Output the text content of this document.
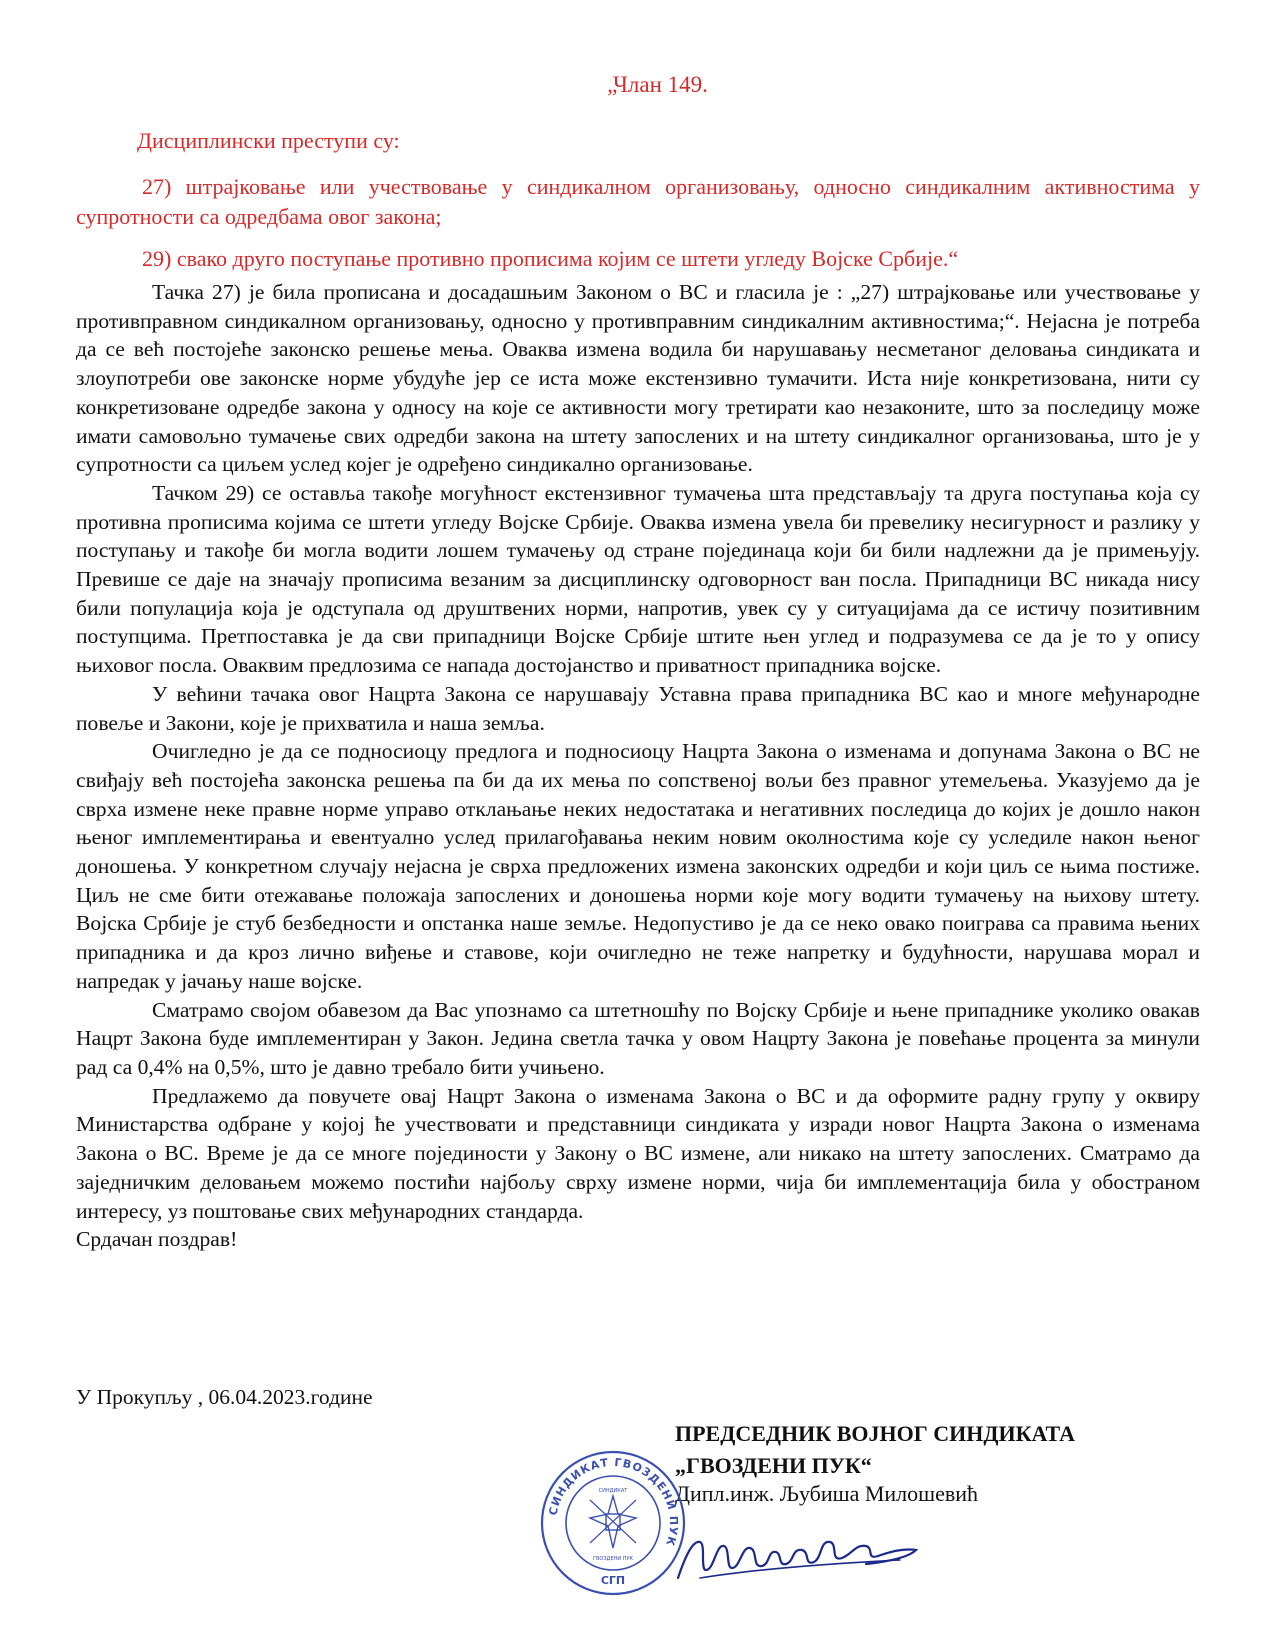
„Члан 149.
Дисциплински преступи су:
27) штрајковање или учествовање у синдикалном организовању, односно синдикалним активностима у супротности са одредбама овог закона;
29) свако друго поступање противно прописима којим се штети угледу Војске Србије.“

Тачка 27) је била прописана и досадашњим Законом о ВС и гласила је : „27) штрајковање или учествовање у противправном синдикалном организовању, односно у противправним синдикалним активностима;“. Нејасна је потреба да се већ постојеће законско решење мења. Оваква измена водила би нарушавању несметаног деловања синдиката и злоупотреби ове законске норме убудуће јер се иста може екстензивно тумачити. Иста није конкретизована, нити су конкретизоване одредбе закона у односу на које се активности могу третирати као незаконите, што за последицу може имати самовољно тумачење свих одредби закона на штету запослених и на штету синдикалног организовања, што је у супротности са циљем услед којег је одређено синдикално организовање.

Тачком 29) се оставља такође могућност екстензивног тумачења шта представљају та друга поступања која су противна прописима којима се штети угледу Војске Србије. Оваква измена увела би превелику несигурност и разлику у поступању и такође би могла водити лошем тумачењу од стране појединаца који би били надлежни да је примењују. Превише се даје на значају прописима везаним за дисциплинску одговорност ван посла. Припадници ВС никада нису били популација која је одступала од друштвених норми, напротив, увек су у ситуацијама да се истичу позитивним поступцима. Претпоставка је да сви припадници Војске Србије штите њен углед и подразумева се да је то у опису њиховог посла. Оваквим предлозима се напада достојанство и приватност припадника војске.

У већини тачака овог Нацрта Закона се нарушавају Уставна права припадника ВС као и многе међународне повеље и Закони, које је прихватила и наша земља.

Очигледно је да се подносиоцу предлога и подносиоцу Нацрта Закона о изменама и допунама Закона о ВС не свиђају већ постојећа законска решења па би да их мења по сопственој вољи без правног утемељења. Указујемо да је сврха измене неке правне норме управо отклањање неких недостатака и негативних последица до којих је дошло након њеног имплементирања и евентуално услед прилагођавања неким новим околностима које су уследиле након њеног доношења. У конкретном случају нејасна је сврха предложених измена законских одредби и који циљ се њима постиже. Циљ не сме бити отежавање положаја запослених и доношења норми које могу водити тумачењу на њихову штету. Војска Србије је стуб безбедности и опстанка наше земље. Недопустиво је да се неко овако поиграва са правима њених припадника и да кроз лично виђење и ставове, који очигледно не теже напретку и будућности, нарушава морал и напредак у јачању наше војске.

Сматрамо својом обавезом да Вас упознамо са штетношћу по Војску Србије и њене припаднике уколико овакав Нацрт Закона буде имплементиран у Закон. Једина светла тачка у овом Нацрту Закона је повећање процента за минули рад са 0,4% на 0,5%, што је давно требало бити учињено.

Предлажемо да повучете овај Нацрт Закона о изменама Закона о ВС и да оформите радну групу у оквиру Министарства одбране у којој ће учествовати и представници синдиката у изради новог Нацрта Закона о изменама Закона о ВС. Време је да се многе појединости у Закону о ВС измене, али никако на штету запослених. Сматрамо да заједничким деловањем можемо постићи најбољу сврху измене норми, чија би имплементација била у обостраном интересу, уз поштовање свих међународних стандарда.

Срдачан поздрав!

У Прокупљу , 06.04.2023.године
ПРЕДСЕДНИК ВОЈНОГ СИНДИКАТА
„ГВОЗДЕНИ ПУК“
Дипл.инж. Љубиша Милошевић
СИНДИКАТ ГВОЗДЕНИ ПУК
СГП
СИНДИКАТ
ГВОЗДЕНИ ПУК
